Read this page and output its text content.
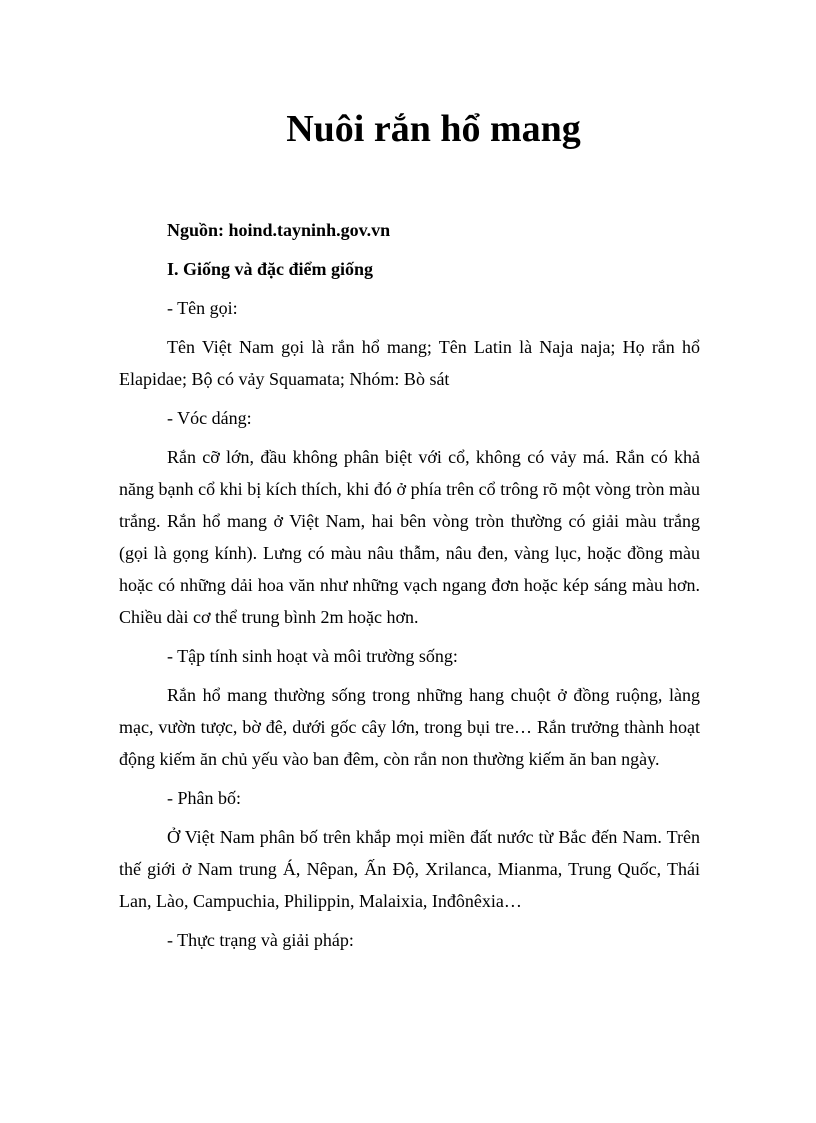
Nuôi rắn hổ mang

Nguồn: hoind.tayninh.gov.vn

I. Giống và đặc điểm giống

- Tên gọi:

Tên Việt Nam gọi là rắn hổ mang; Tên Latin là Naja naja; Họ rắn hổ Elapidae; Bộ có vảy Squamata; Nhóm: Bò sát

- Vóc dáng:

Rắn cỡ lớn, đầu không phân biệt với cổ, không có vảy má. Rắn có khả năng bạnh cổ khi bị kích thích, khi đó ở phía trên cổ trông rõ một vòng tròn màu trắng. Rắn hổ mang ở Việt Nam, hai bên vòng tròn thường có giải màu trắng (gọi là gọng kính). Lưng có màu nâu thẫm, nâu đen, vàng lục, hoặc đồng màu hoặc có những dải hoa văn như những vạch ngang đơn hoặc kép sáng màu hơn. Chiều dài cơ thể trung bình 2m hoặc hơn.

- Tập tính sinh hoạt và môi trường sống:

Rắn hổ mang thường sống trong những hang chuột ở đồng ruộng, làng mạc, vườn tược, bờ đê, dưới gốc cây lớn, trong bụi tre… Rắn trưởng thành hoạt động kiếm ăn chủ yếu vào ban đêm, còn rắn non thường kiếm ăn ban ngày.

- Phân bố:

Ở Việt Nam phân bố trên khắp mọi miền đất nước từ Bắc đến Nam. Trên thế giới ở Nam trung Á, Nêpan, Ấn Độ, Xrilanca, Mianma, Trung Quốc, Thái Lan, Lào, Campuchia, Philippin, Malaixia, Inđônêxia…

- Thực trạng và giải pháp:
